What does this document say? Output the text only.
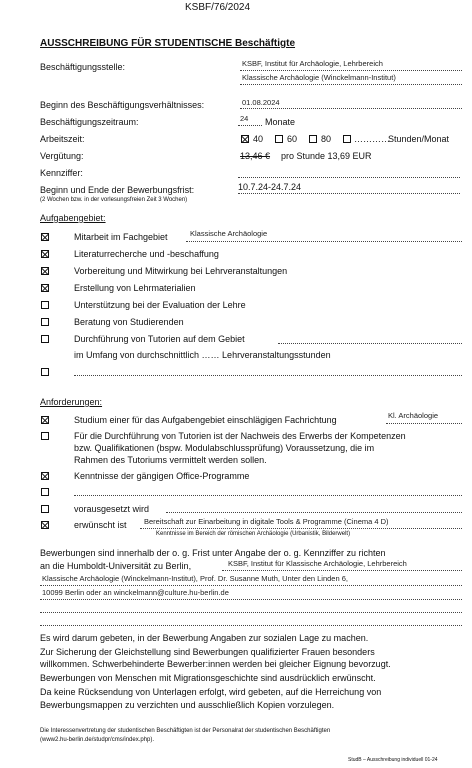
KSBF/76/2024
AUSSCHREIBUNG FÜR STUDENTISCHE Beschäftigte
Beschäftigungsstelle:	KSBF, Institut für Archäologie, Lehrbereich
Klassische Archäologie (Winckelmann-Institut)
Beginn des Beschäftigungsverhältnisses:	01.08.2024
Beschäftigungszeitraum:	24 Monate
Arbeitszeit:	40	60	80	…………
Stunden/Monat
Vergütung:	13,46 € pro Stunde 13,69 EUR
Kennziffer:
Beginn und Ende der Bewerbungsfrist:	10.7.24-24.7.24
(2 Wochen bzw. in der vorlesungsfreien Zeit 3 Wochen)
Aufgabengebiet:
Mitarbeit im Fachgebiet	Klassische Archäologie
Literaturrecherche und -beschaffung
Vorbereitung und Mitwirkung bei Lehrveranstaltungen
Erstellung von Lehrmaterialien
Unterstützung bei der Evaluation der Lehre
Beratung von Studierenden
Durchführung von Tutorien auf dem Gebiet
im Umfang von durchschnittlich …… Lehrveranstaltungsstunden
Anforderungen:
Studium einer für das Aufgabengebiet einschlägigen Fachrichtung	Kl. Archäologie
Für die Durchführung von Tutorien ist der Nachweis des Erwerbs der Kompetenzen
bzw. Qualifikationen (bspw. Modulabschlussprüfung) Voraussetzung, die im
Rahmen des Tutoriums vermittelt werden sollen.
Kenntnisse der gängigen Office-Programme
vorausgesetzt wird
erwünscht ist Bereitschaft zur Einarbeitung in digitale Tools & Programme (Cinema 4 D)
Kenntnisse im Bereich der römischen Archäologie (Urbanistik, Bilderwelt)
Bewerbungen sind innerhalb der o. g. Frist unter Angabe der o. g. Kennziffer zu richten
an die Humboldt-Universität zu Berlin,	KSBF, Institut für Klassische Archäologie, Lehrbereich
Klassische Archäologie (Winckelmann-Institut), Prof. Dr. Susanne Muth, Unter den Linden 6,
10099 Berlin oder an winckelmann@culture.hu-berlin.de
Es wird darum gebeten, in der Bewerbung Angaben zur sozialen Lage zu machen.
Zur Sicherung der Gleichstellung sind Bewerbungen qualifizierter Frauen besonders
willkommen. Schwerbehinderte Bewerber:innen werden bei gleicher Eignung bevorzugt.
Bewerbungen von Menschen mit Migrationsgeschichte sind ausdrücklich erwünscht.
Da keine Rücksendung von Unterlagen erfolgt, wird gebeten, auf die Herreichung von
Bewerbungsmappen zu verzichten und ausschließlich Kopien vorzulegen.
Die Interessenvertretung der studentischen Beschäftigten ist der Personalrat der studentischen Beschäftigten
(www2.hu-berlin.de/studpr/cms/index.php).
StudB – Ausschreibung individuell 01-24
